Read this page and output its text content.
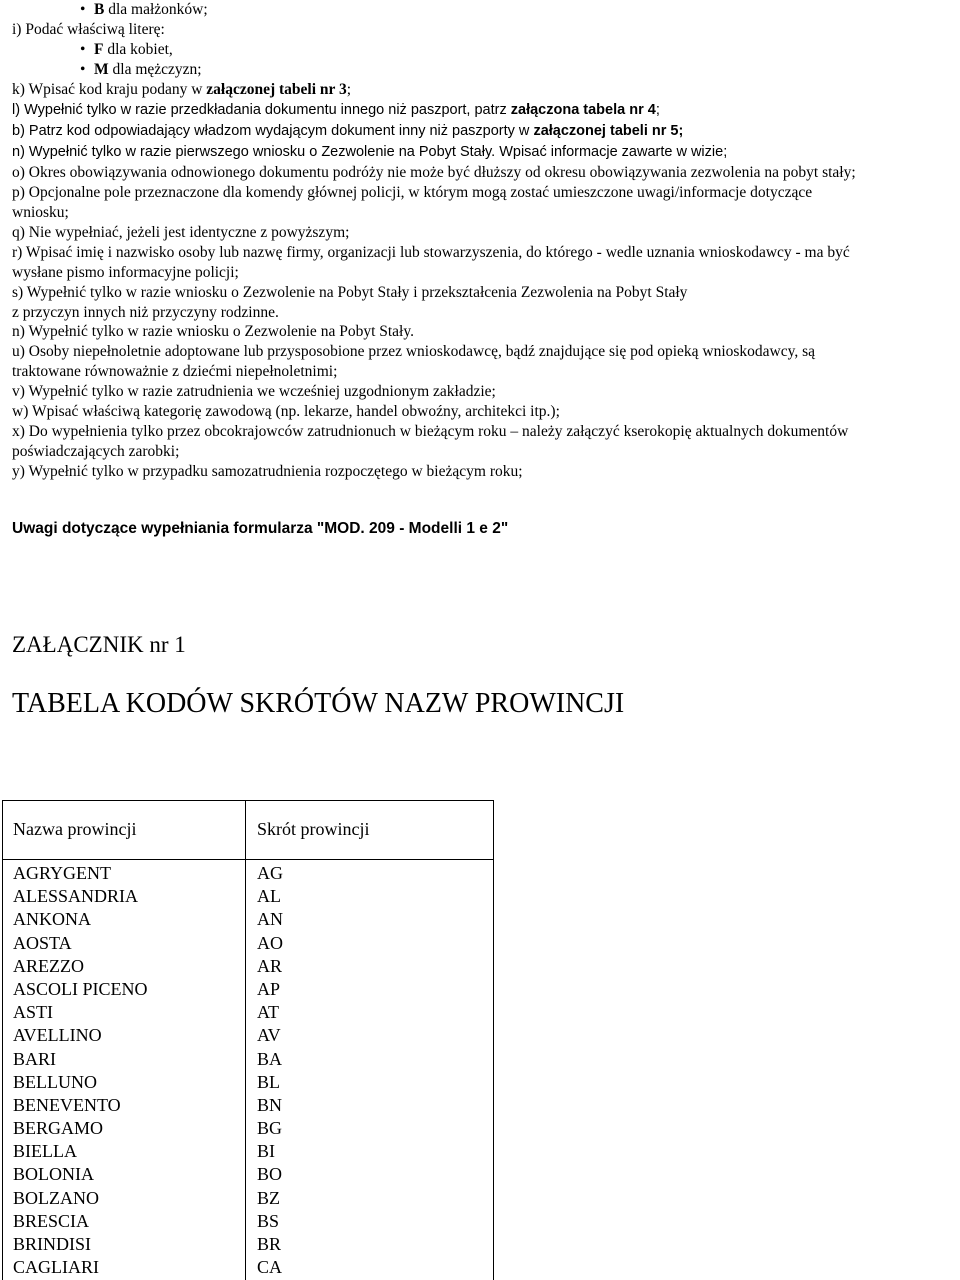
• B dla małżonków;
i) Podać właściwą literę:
• F dla kobiet,
• M dla mężczyzn;
k) Wpisać kod kraju podany w załączonej tabeli nr 3;
l) Wypełnić tylko w razie przedkładania dokumentu innego niż paszport, patrz załączona tabela nr 4;
b) Patrz kod odpowiadający władzom wydającym dokument inny niż paszporty w załączonej tabeli nr 5;
n) Wypełnić tylko w razie pierwszego wniosku o Zezwolenie na Pobyt Stały. Wpisać informacje zawarte w wizie;
o) Okres obowiązywania odnowionego dokumentu podróży nie może być dłuższy od okresu obowiązywania zezwolenia na pobyt stały;
p) Opcjonalne pole przeznaczone dla komendy głównej policji, w którym mogą zostać umieszczone uwagi/informacje dotyczące
wniosku;
q) Nie wypełniać, jeżeli jest identyczne z powyższym;
r) Wpisać imię i nazwisko osoby lub nazwę firmy, organizacji lub stowarzyszenia, do którego - wedle uznania wnioskodawcy - ma być
wysłane pismo informacyjne policji;
s) Wypełnić tylko w razie wniosku o Zezwolenie na Pobyt Stały i przekształcenia Zezwolenia na Pobyt Stały
z przyczyn innych niż przyczyny rodzinne.
n) Wypełnić tylko w razie wniosku o Zezwolenie na Pobyt Stały.
u) Osoby niepełnoletnie adoptowane lub przysposobione przez wnioskodawcę, bądź znajdujące się pod opieką wnioskodawcy, są
traktowane równoważnie z dziećmi niepełnoletnimi;
v) Wypełnić tylko w razie zatrudnienia we wcześniej uzgodnionym zakładzie;
w) Wpisać właściwą kategorię zawodową (np. lekarze, handel obwoźny, architekci itp.);
x) Do wypełnienia tylko przez obcokrajowców zatrudnionuch w bieżącym roku – należy załączyć kserokopię aktualnych dokumentów
poświadczających zarobki;
y) Wypełnić tylko w przypadku samozatrudnienia rozpoczętego w bieżącym roku;
Uwagi dotyczące wypełniania formularza "MOD. 209 - Modelli 1 e 2"
ZAŁĄCZNIK nr 1
TABELA KODÓW SKRÓTÓW NAZW PROWINCJI
Nazwa prowincji	Skrót prowincji
AGRYGENT	AG
ALESSANDRIA	AL
ANKONA	AN
AOSTA	AO
AREZZO	AR
ASCOLI PICENO	AP
ASTI	AT
AVELLINO	AV
BARI	BA
BELLUNO	BL
BENEVENTO	BN
BERGAMO	BG
BIELLA	BI
BOLONIA	BO
BOLZANO	BZ
BRESCIA	BS
BRINDISI	BR
CAGLIARI	CA
